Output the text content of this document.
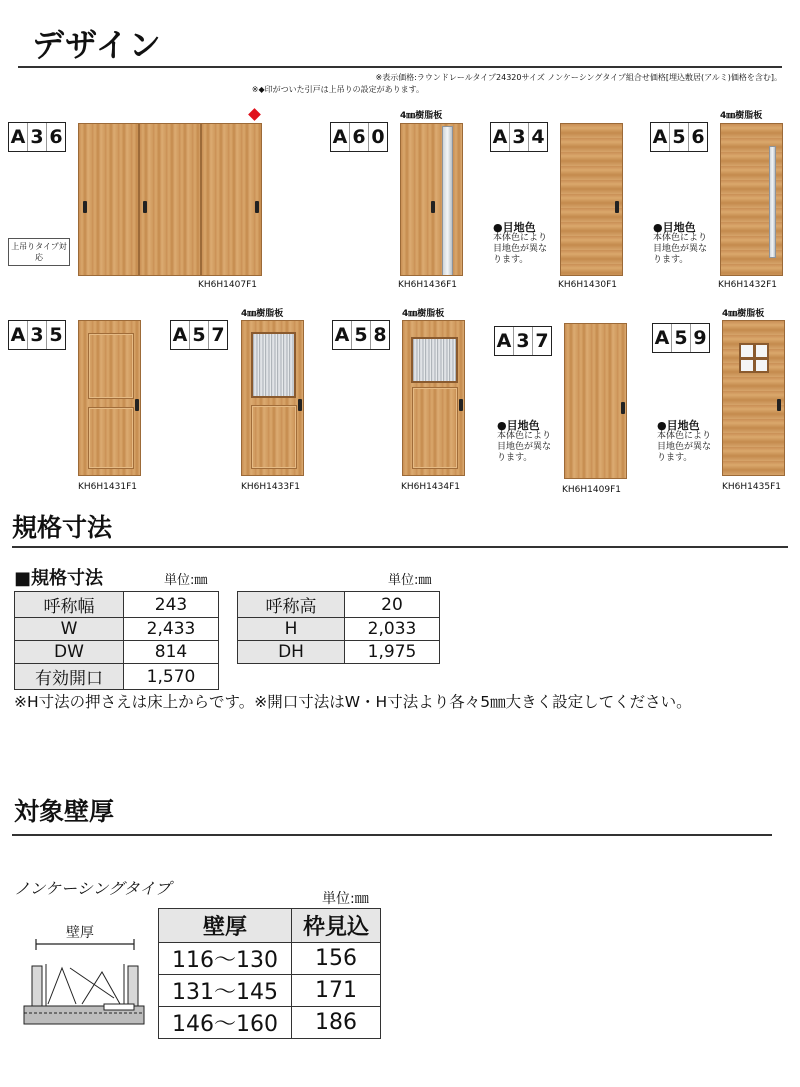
デザイン
※表示価格:ラウンドレールタイプ24320サイズ ノンケーシングタイプ組合せ価格[埋込敷居(アルミ)価格を含む]。
※◆印がついた引戸は上吊りの設定があります。
A 3 6
上吊りタイプ対応
KH6H1407F1
A 6 0
4㎜樹脂板
KH6H1436F1
A 3 4
●目地色
本体色により目地色が異なります。
KH6H1430F1
A 5 6
4㎜樹脂板
●目地色
本体色により目地色が異なります。
KH6H1432F1
A 3 5
KH6H1431F1
A 5 7
4㎜樹脂板
KH6H1433F1
A 5 8
4㎜樹脂板
KH6H1434F1
A 3 7
●目地色
本体色により目地色が異なります。
KH6H1409F1
A 5 9
4㎜樹脂板
●目地色
本体色により目地色が異なります。
KH6H1435F1
規格寸法
■規格寸法	単位:㎜	単位:㎜
呼称幅	243
W	2,433
DW	814
有効開口	1,570
呼称高	20
H	2,033
DH	1,975
※H寸法の押さえは床上からです。※開口寸法はW・H寸法より各々5㎜大きく設定してください。
対象壁厚
ノンケーシングタイプ
単位:㎜
壁厚	壁厚	枠見込
116〜130	156
131〜145	171
146〜160	186
